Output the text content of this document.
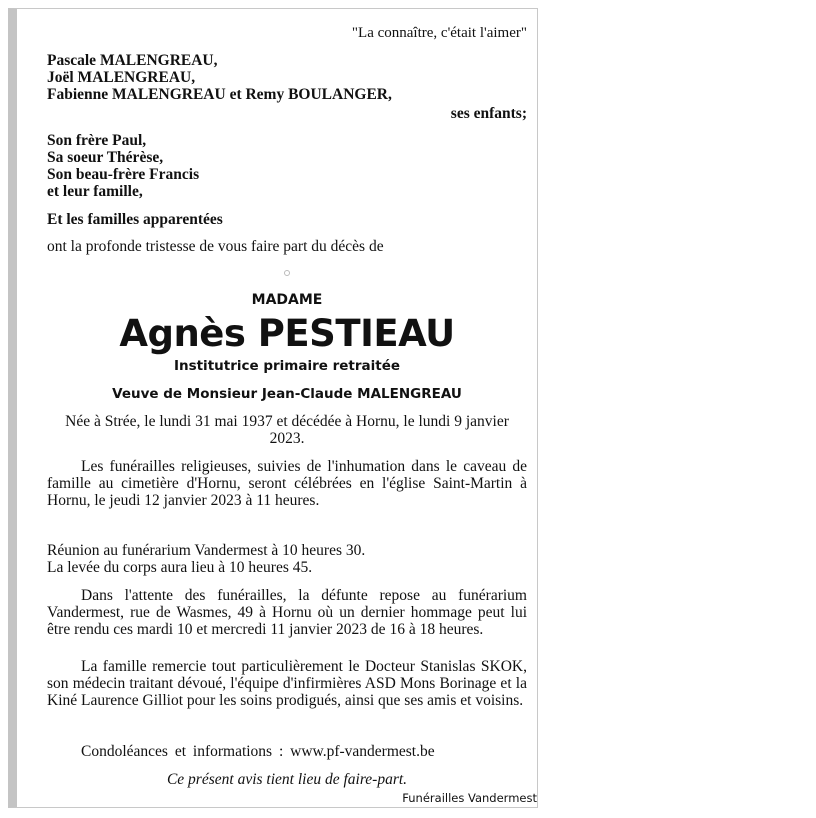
"La connaître, c'était l'aimer"
Pascale MALENGREAU,
Joël MALENGREAU,
Fabienne MALENGREAU et Remy BOULANGER,
ses enfants;
Son frère Paul,
Sa soeur Thérèse,
Son beau-frère Francis
et leur famille,
Et les familles apparentées
ont la profonde tristesse de vous faire part du décès de
MADAME
Agnès PESTIEAU
Institutrice primaire retraitée
Veuve de Monsieur Jean-Claude MALENGREAU
Née à Strée, le lundi 31 mai 1937 et décédée à Hornu, le lundi 9 janvier 2023.
Les funérailles religieuses, suivies de l'inhumation dans le caveau de famille au cimetière d'Hornu, seront célébrées en l'église Saint-Martin à Hornu, le jeudi 12 janvier 2023 à 11 heures.
Réunion au funérarium Vandermest à 10 heures 30.
La levée du corps aura lieu à 10 heures 45.
Dans l'attente des funérailles, la défunte repose au funérarium Vandermest, rue de Wasmes, 49 à Hornu où un dernier hommage peut lui être rendu ces mardi 10 et mercredi 11 janvier 2023 de 16 à 18 heures.
La famille remercie tout particulièrement le Docteur Stanislas SKOK, son médecin traitant dévoué, l'équipe d'infirmières ASD Mons Borinage et la Kiné Laurence Gilliot pour les soins prodigués, ainsi que ses amis et voisins.
Condoléances et informations : www.pf-vandermest.be
Ce présent avis tient lieu de faire-part.
Funérailles Vandermest
